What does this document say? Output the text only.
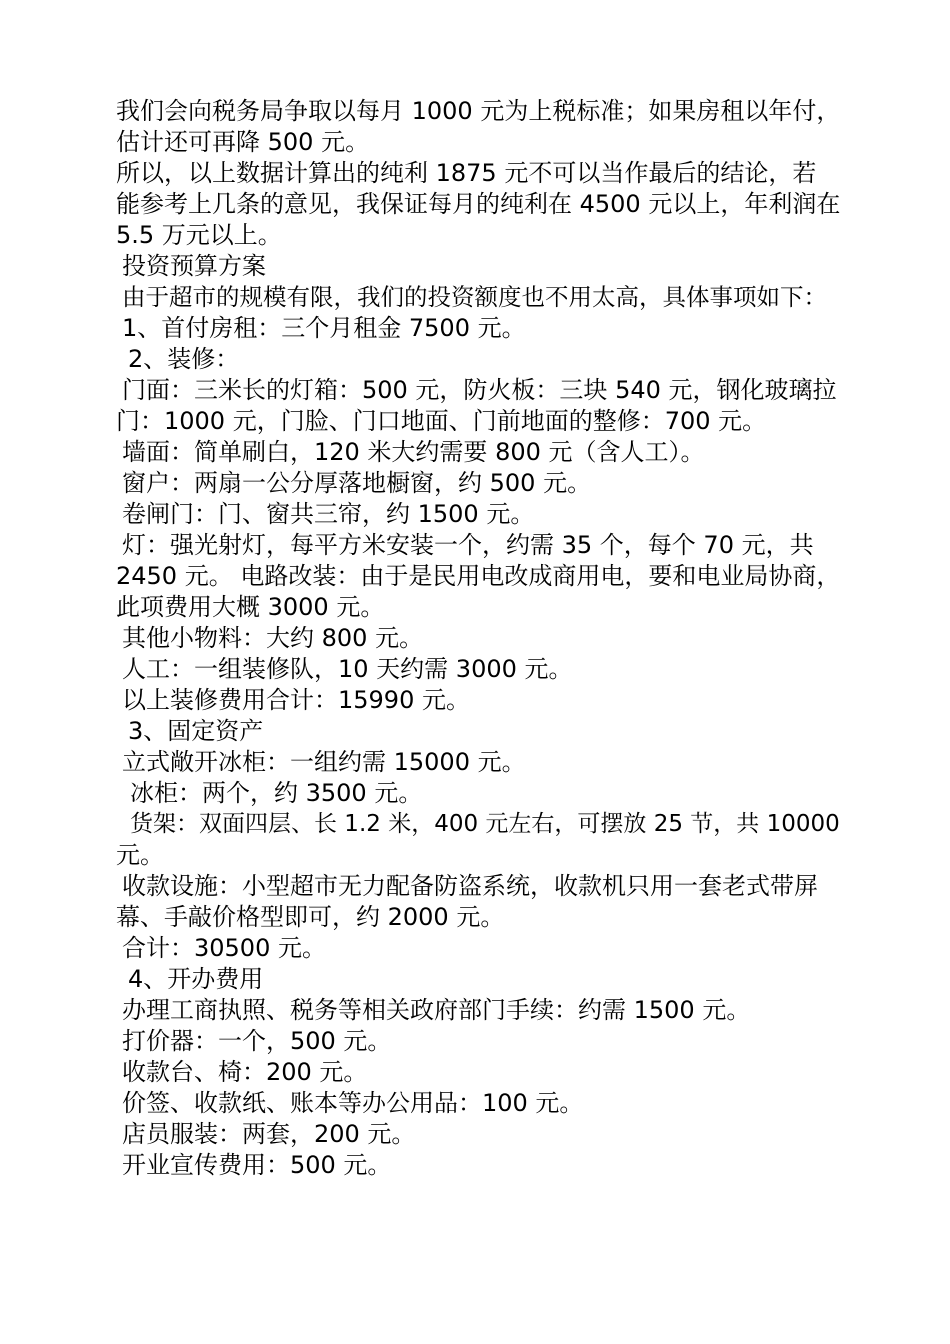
我们会向税务局争取以每月 1000 元为上税标准；如果房租以年付，
估计还可再降 500 元。
所以，以上数据计算出的纯利 1875 元不可以当作最后的结论，若
能参考上几条的意见，我保证每月的纯利在 4500 元以上，年利润在
5.5 万元以上。
投资预算方案
由于超市的规模有限，我们的投资额度也不用太高，具体事项如下：
1、首付房租：三个月租金 7500 元。
2、装修：
门面：三米长的灯箱：500 元，防火板：三块 540 元，钢化玻璃拉
门：1000 元，门脸、门口地面、门前地面的整修：700 元。
墙面：简单刷白，120 米大约需要 800 元（含人工）。
窗户：两扇一公分厚落地橱窗，约 500 元。
卷闸门：门、窗共三帘，约 1500 元。
灯：强光射灯，每平方米安装一个，约需 35 个，每个 70 元，共
2450 元。 电路改装：由于是民用电改成商用电，要和电业局协商，
此项费用大概 3000 元。
其他小物料：大约 800 元。
人工：一组装修队，10 天约需 3000 元。
以上装修费用合计：15990 元。
3、固定资产
立式敞开冰柜：一组约需 15000 元。
冰柜：两个，约 3500 元。
货架：双面四层、长 1.2 米，400 元左右，可摆放 25 节，共 10000
元。
收款设施：小型超市无力配备防盗系统，收款机只用一套老式带屏
幕、手敲价格型即可，约 2000 元。
合计：30500 元。
4、开办费用
办理工商执照、税务等相关政府部门手续：约需 1500 元。
打价器：一个，500 元。
收款台、椅：200 元。
价签、收款纸、账本等办公用品：100 元。
店员服装：两套，200 元。
开业宣传费用：500 元。
